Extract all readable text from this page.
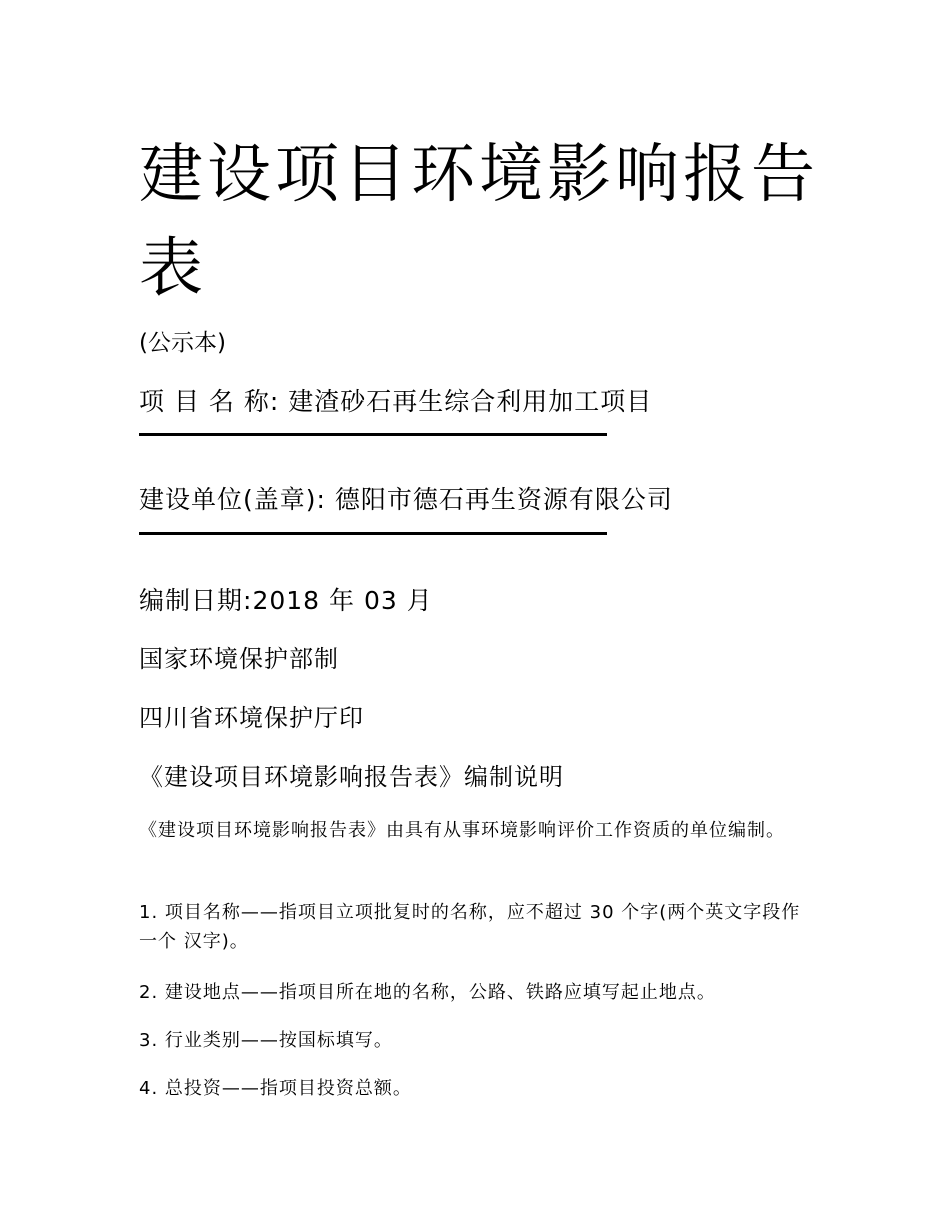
建设项目环境影响报告表

(公示本)

项 目 名 称: 建渣砂石再生综合利用加工项目

建设单位(盖章): 德阳市德石再生资源有限公司

编制日期:2018 年 03 月

国家环境保护部制

四川省环境保护厅印

《建设项目环境影响报告表》编制说明

《建设项目环境影响报告表》由具有从事环境影响评价工作资质的单位编制。

1. 项目名称——指项目立项批复时的名称，应不超过 30 个字(两个英文字段作一个 汉字)。

2. 建设地点——指项目所在地的名称，公路、铁路应填写起止地点。

3. 行业类别——按国标填写。

4. 总投资——指项目投资总额。
